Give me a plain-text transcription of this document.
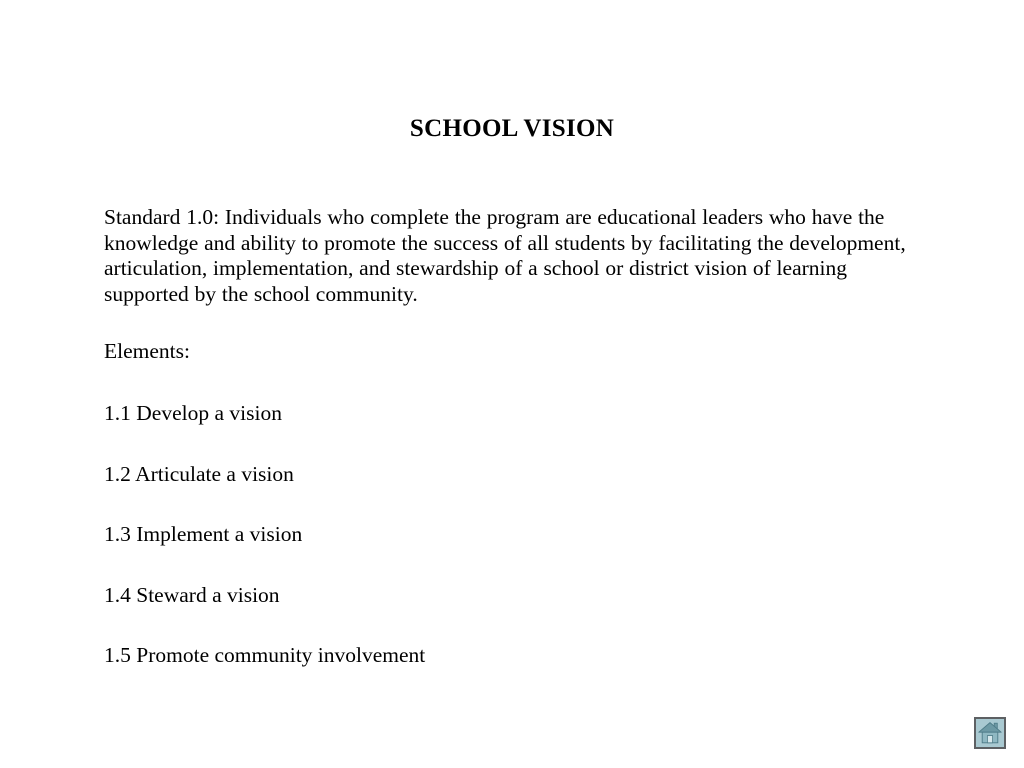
SCHOOL VISION

Standard 1.0: Individuals who complete the program are educational leaders who have the knowledge and ability to promote the success of all students by facilitating the development, articulation, implementation, and stewardship of a school or district vision of learning supported by the school community.

Elements:
1.1 Develop a vision
1.2 Articulate a vision
1.3 Implement a vision
1.4 Steward a vision
1.5 Promote community involvement
